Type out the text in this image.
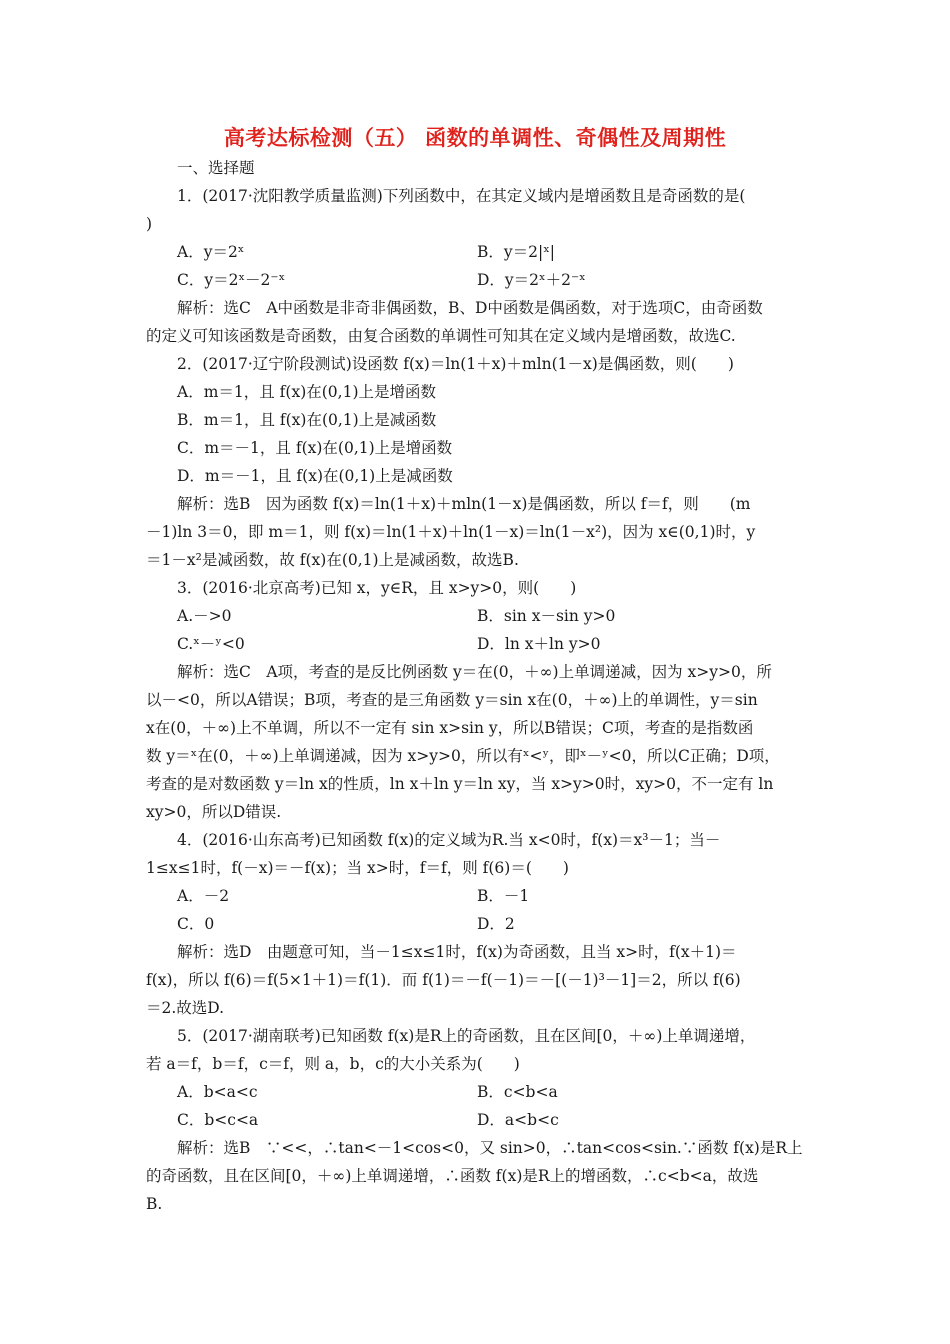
高考达标检测（五） 函数的单调性、奇偶性及周期性
一、选择题
1．(2017·沈阳教学质量监测)下列函数中，在其定义域内是增函数且是奇函数的是(
)
A．y＝2ˣ	B．y＝2|ˣ|
C．y＝2ˣ－2⁻ˣ	D．y＝2ˣ＋2⁻ˣ
解析：选C　A中函数是非奇非偶函数，B、D中函数是偶函数，对于选项C，由奇函数
的定义可知该函数是奇函数，由复合函数的单调性可知其在定义域内是增函数，故选C.
2．(2017·辽宁阶段测试)设函数 f(x)＝ln(1＋x)＋mln(1－x)是偶函数，则(　　)
A．m＝1，且 f(x)在(0,1)上是增函数
B．m＝1，且 f(x)在(0,1)上是减函数
C．m＝－1，且 f(x)在(0,1)上是增函数
D．m＝－1，且 f(x)在(0,1)上是减函数
解析：选B　因为函数 f(x)＝ln(1＋x)＋mln(1－x)是偶函数，所以 f＝f，则　　(m
－1)ln 3＝0，即 m＝1，则 f(x)＝ln(1＋x)＋ln(1－x)＝ln(1－x²)，因为 x∈(0,1)时，y
＝1－x²是减函数，故 f(x)在(0,1)上是减函数，故选B.
3．(2016·北京高考)已知 x，y∈R，且 x>y>0，则(　　)
A.－>0	B．sin x－sin y>0
C.ˣ－ʸ<0	D．ln x＋ln y>0
解析：选C　A项，考查的是反比例函数 y＝在(0，＋∞)上单调递减，因为 x>y>0，所
以－<0，所以A错误；B项，考查的是三角函数 y＝sin x在(0，＋∞)上的单调性，y＝sin
x在(0，＋∞)上不单调，所以不一定有 sin x>sin y，所以B错误；C项，考查的是指数函
数 y＝ˣ在(0，＋∞)上单调递减，因为 x>y>0，所以有ˣ<ʸ，即ˣ－ʸ<0，所以C正确；D项，
考查的是对数函数 y＝ln x的性质，ln x＋ln y＝ln xy，当 x>y>0时，xy>0，不一定有 ln
xy>0，所以D错误.
4．(2016·山东高考)已知函数 f(x)的定义域为R.当 x<0时，f(x)＝x³－1；当－
1≤x≤1时，f(－x)＝－f(x)；当 x>时，f＝f，则 f(6)＝(　　)
A．－2	B．－1
C．0	D．2
解析：选D　由题意可知，当－1≤x≤1时，f(x)为奇函数，且当 x>时，f(x＋1)＝
f(x)，所以 f(6)＝f(5×1＋1)＝f(1)．而 f(1)＝－f(－1)＝－[(－1)³－1]＝2，所以 f(6)
＝2.故选D.
5．(2017·湖南联考)已知函数 f(x)是R上的奇函数，且在区间[0，＋∞)上单调递增，
若 a＝f，b＝f，c＝f，则 a，b，c的大小关系为(　　)
A．b<a<c	B．c<b<a
C．b<c<a	D．a<b<c
解析：选B　∵<<，∴tan<－1<cos<0，又 sin>0，∴tan<cos<sin.∵函数 f(x)是R上
的奇函数，且在区间[0，＋∞)上单调递增，∴函数 f(x)是R上的增函数，∴c<b<a，故选
B.
